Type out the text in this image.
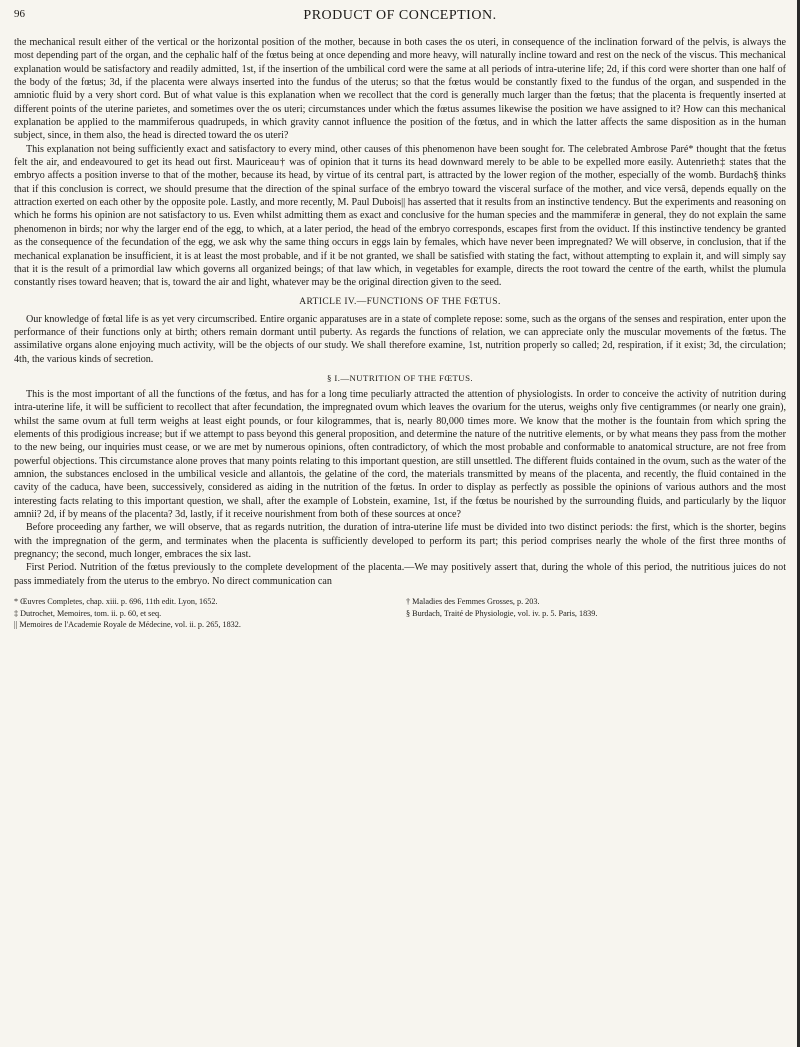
96	PRODUCT OF CONCEPTION.

the mechanical result either of the vertical or the horizontal position of the mother, because in both cases the os uteri, in consequence of the inclination forward of the pelvis, is always the most depending part of the organ, and the cephalic half of the fœtus being at once depending and more heavy, will naturally incline toward and rest on the neck of the viscus. This mechanical explanation would be satisfactory and readily admitted, 1st, if the insertion of the umbilical cord were the same at all periods of intra-uterine life; 2d, if this cord were shorter than one half of the body of the fœtus; 3d, if the placenta were always inserted into the fundus of the uterus; so that the fœtus would be constantly fixed to the fundus of the organ, and suspended in the amniotic fluid by a very short cord. But of what value is this explanation when we recollect that the cord is generally much larger than the fœtus; that the placenta is frequently inserted at different points of the uterine parietes, and sometimes over the os uteri; circumstances under which the fœtus assumes likewise the position we have assigned to it? How can this mechanical explanation be applied to the mammiferous quadrupeds, in which gravity cannot influence the position of the fœtus, and in which the latter affects the same disposition as in the human subject, since, in them also, the head is directed toward the os uteri?

This explanation not being sufficiently exact and satisfactory to every mind, other causes of this phenomenon have been sought for. The celebrated Ambrose Paré* thought that the fœtus felt the air, and endeavoured to get its head out first. Mauriceau† was of opinion that it turns its head downward merely to be able to be expelled more easily. Autenrieth‡ states that the embryo affects a position inverse to that of the mother, because its head, by virtue of its central part, is attracted by the lower region of the mother, especially of the womb. Burdach§ thinks that if this conclusion is correct, we should presume that the direction of the spinal surface of the embryo toward the visceral surface of the mother, and vice versâ, depends equally on the attraction exerted on each other by the opposite pole. Lastly, and more recently, M. Paul Dubois|| has asserted that it results from an instinctive tendency. But the experiments and reasoning on which he forms his opinion are not satisfactory to us. Even whilst admitting them as exact and conclusive for the human species and the mammiferæ in general, they do not explain the same phenomenon in birds; nor why the larger end of the egg, to which, at a later period, the head of the embryo corresponds, escapes first from the oviduct. If this instinctive tendency be granted as the consequence of the fecundation of the egg, we ask why the same thing occurs in eggs lain by females, which have never been impregnated? We will observe, in conclusion, that if the mechanical explanation be insufficient, it is at least the most probable, and if it be not granted, we shall be satisfied with stating the fact, without attempting to explain it, and will simply say that it is the result of a primordial law which governs all organized beings; of that law which, in vegetables for example, directs the root toward the centre of the earth, whilst the plumula constantly rises toward heaven; that is, toward the air and light, whatever may be the original direction given to the seed.

ARTICLE IV.—FUNCTIONS OF THE FŒTUS.

Our knowledge of fœtal life is as yet very circumscribed. Entire organic apparatuses are in a state of complete repose: some, such as the organs of the senses and respiration, enter upon the performance of their functions only at birth; others remain dormant until puberty. As regards the functions of relation, we can appreciate only the muscular movements of the fœtus. The assimilative organs alone enjoying much activity, will be the objects of our study. We shall therefore examine, 1st, nutrition properly so called; 2d, respiration, if it exist; 3d, the circulation; 4th, the various kinds of secretion.

§ I.—NUTRITION OF THE FŒTUS.

This is the most important of all the functions of the fœtus, and has for a long time peculiarly attracted the attention of physiologists. In order to conceive the activity of nutrition during intra-uterine life, it will be sufficient to recollect that after fecundation, the impregnated ovum which leaves the ovarium for the uterus, weighs only five centigrammes (or nearly one grain), whilst the same ovum at full term weighs at least eight pounds, or four kilogrammes, that is, nearly 80,000 times more. We know that the mother is the fountain from which spring the elements of this prodigious increase; but if we attempt to pass beyond this general proposition, and determine the nature of the nutritive elements, or by what means they pass from the mother to the new being, our inquiries must cease, or we are met by numerous opinions, often contradictory, of which the most probable and conformable to anatomical structure, are not free from powerful objections. This circumstance alone proves that many points relating to this important question, are still unsettled. The different fluids contained in the ovum, such as the water of the amnion, the substances enclosed in the umbilical vesicle and allantois, the gelatine of the cord, the materials transmitted by means of the placenta, and recently, the fluid contained in the cavity of the caduca, have been, successively, considered as aiding in the nutrition of the fœtus. In order to display as perfectly as possible the opinions of various authors and the most interesting facts relating to this important question, we shall, after the example of Lobstein, examine, 1st, if the fœtus be nourished by the surrounding fluids, and particularly by the liquor amnii? 2d, if by means of the placenta? 3d, lastly, if it receive nourishment from both of these sources at once?

Before proceeding any farther, we will observe, that as regards nutrition, the duration of intra-uterine life must be divided into two distinct periods: the first, which is the shorter, begins with the impregnation of the germ, and terminates when the placenta is sufficiently developed to perform its part; this period comprises nearly the whole of the first three months of pregnancy; the second, much longer, embraces the six last.

First Period. Nutrition of the fœtus previously to the complete development of the placenta.—We may positively assert that, during the whole of this period, the nutritious juices do not pass immediately from the uterus to the embryo. No direct communication can

* Œuvres Completes, chap. xiii. p. 696, 11th edit. Lyon, 1652.	† Maladies des Femmes Grosses, p. 203.
‡ Dutrochet, Memoires, tom. ii. p. 60, et seq.	§ Burdach, Traité de Physiologie, vol. iv. p. 5. Paris, 1839.
|| Memoires de l'Academie Royale de Médecine, vol. ii. p. 265, 1832.
